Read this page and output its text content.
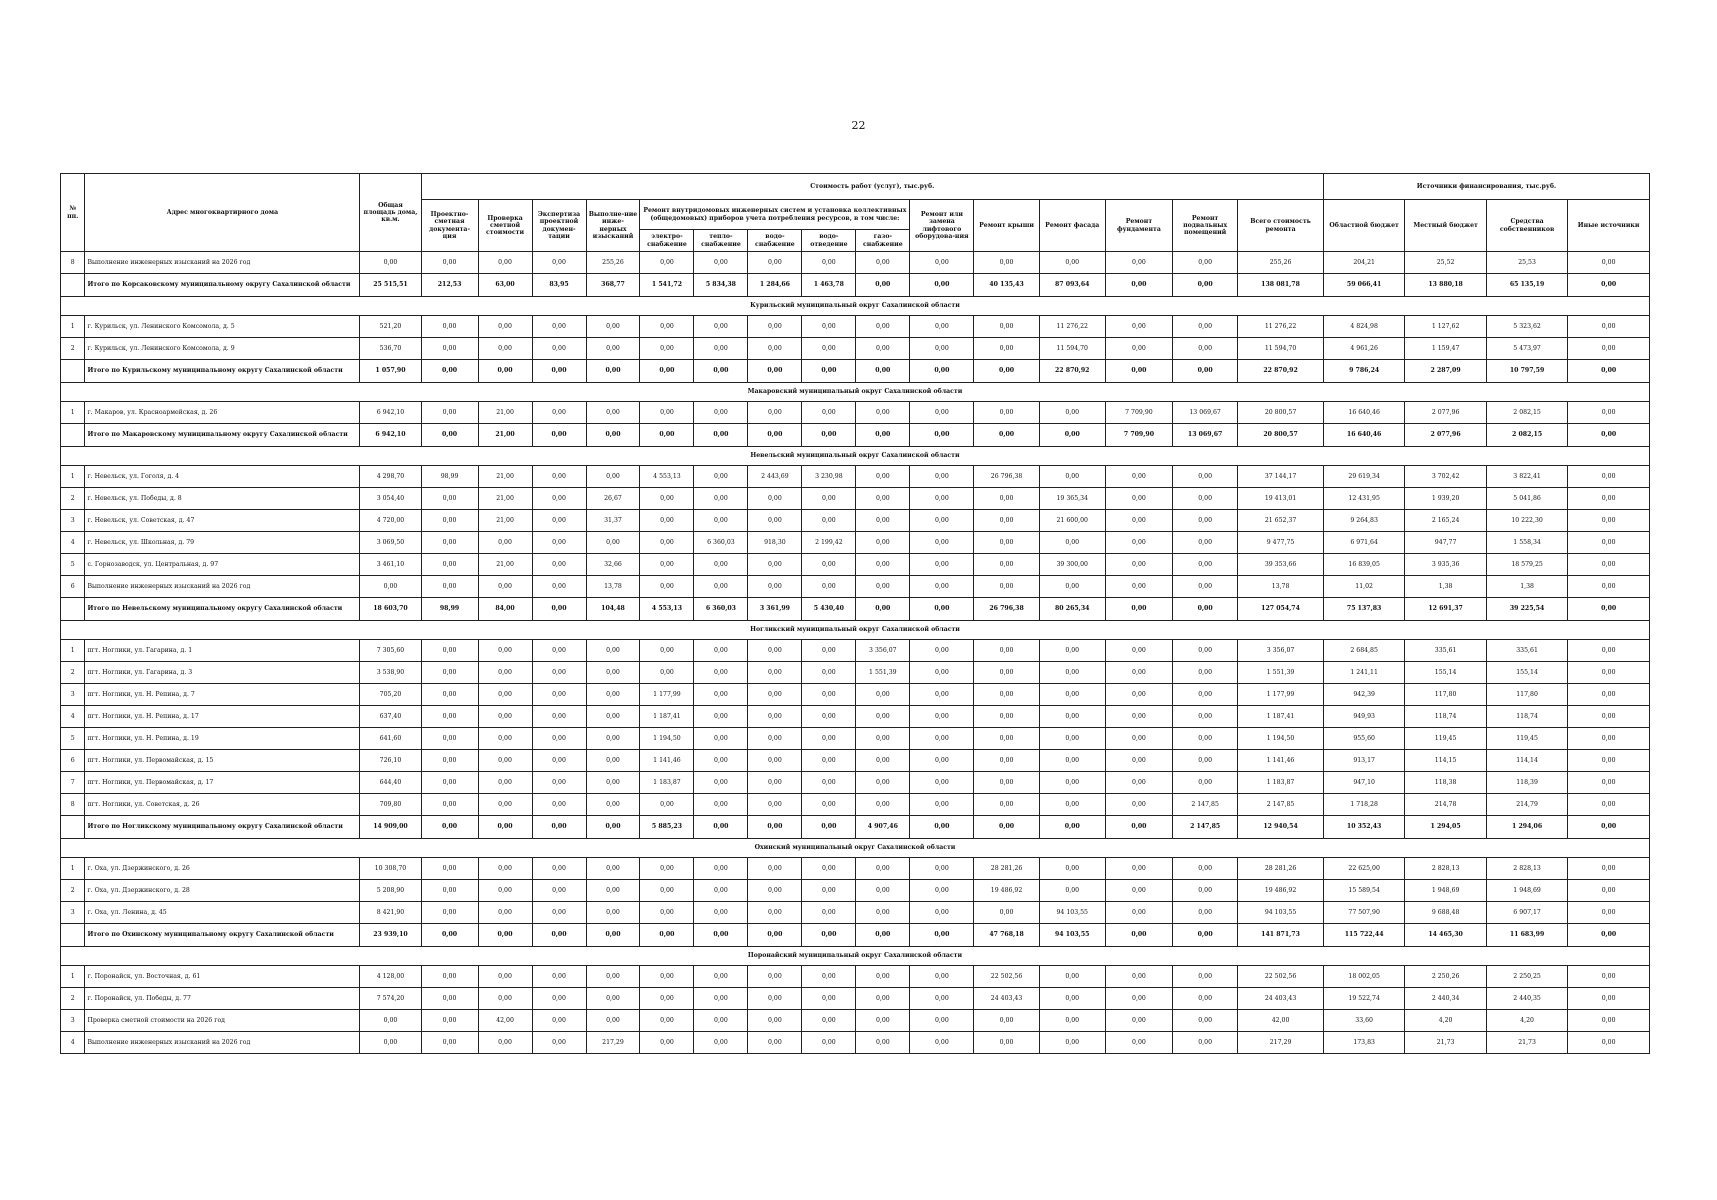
22
№ пп.	Адрес многоквартирного дома	Общая площадь дома, кв.м.	Стоимость работ (услуг), тыс.руб.															Источники финансирования, тыс.руб.			
			Проектно-сметная документа-ция	Проверка сметной стоимости	Экспертиза проектной докумен-тации	Выполне-ние инже-нерных изысканий	Ремонт внутридомовых инженерных систем и установка коллективных (общедомовых) приборов учета потребления ресурсов, в том числе:					Ремонт или замена лифтового оборудова-ния	Ремонт крыши	Ремонт фасада	Ремонт фундамента	Ремонт подвальных помещений	Всего стоимость ремонта	Областной бюджет	Местный бюджет	Средства собственников	Иные источники
							электро-снабжение	тепло-снабжение	водо-снабжение	водо-отведение	газо-снабжение										
8	Выполнение инженерных изысканий на 2026 год	0,00	0,00	0,00	0,00	255,26	0,00	0,00	0,00	0,00	0,00	0,00	0,00	0,00	0,00	0,00	255,26	204,21	25,52	25,53	0,00
	Итого по Корсаковскому муниципальному округу Сахалинской области	25 515,51	212,53	63,00	83,95	368,77	1 541,72	5 834,38	1 284,66	1 463,78	0,00	0,00	40 135,43	87 093,64	0,00	0,00	138 081,78	59 066,41	13 880,18	65 135,19	0,00
Курильский муниципальный округ Сахалинской области																					
1	г. Курильск, ул. Ленинского Комсомола, д. 5	521,20	0,00	0,00	0,00	0,00	0,00	0,00	0,00	0,00	0,00	0,00	0,00	11 276,22	0,00	0,00	11 276,22	4 824,98	1 127,62	5 323,62	0,00
2	г. Курильск, ул. Ленинского Комсомола, д. 9	536,70	0,00	0,00	0,00	0,00	0,00	0,00	0,00	0,00	0,00	0,00	0,00	11 594,70	0,00	0,00	11 594,70	4 961,26	1 159,47	5 473,97	0,00
	Итого по Курильскому муниципальному округу Сахалинской области	1 057,90	0,00	0,00	0,00	0,00	0,00	0,00	0,00	0,00	0,00	0,00	0,00	22 870,92	0,00	0,00	22 870,92	9 786,24	2 287,09	10 797,59	0,00
Макаровский муниципальный округ Сахалинской области																					
1	г. Макаров, ул. Красноармейская, д. 26	6 942,10	0,00	21,00	0,00	0,00	0,00	0,00	0,00	0,00	0,00	0,00	0,00	0,00	7 709,90	13 069,67	20 800,57	16 640,46	2 077,96	2 082,15	0,00
	Итого по Макаровскому муниципальному округу Сахалинской области	6 942,10	0,00	21,00	0,00	0,00	0,00	0,00	0,00	0,00	0,00	0,00	0,00	0,00	7 709,90	13 069,67	20 800,57	16 640,46	2 077,96	2 082,15	0,00
Невельский муниципальный округ Сахалинской области																					
1	г. Невельск, ул. Гоголя, д. 4	4 298,70	98,99	21,00	0,00	0,00	4 553,13	0,00	2 443,69	3 230,98	0,00	0,00	26 796,38	0,00	0,00	0,00	37 144,17	29 619,34	3 702,42	3 822,41	0,00
2	г. Невельск, ул. Победы, д. 8	3 054,40	0,00	21,00	0,00	26,67	0,00	0,00	0,00	0,00	0,00	0,00	0,00	19 365,34	0,00	0,00	19 413,01	12 431,95	1 939,20	5 041,86	0,00
3	г. Невельск, ул. Советская, д. 47	4 720,00	0,00	21,00	0,00	31,37	0,00	0,00	0,00	0,00	0,00	0,00	0,00	21 600,00	0,00	0,00	21 652,37	9 264,83	2 165,24	10 222,30	0,00
4	г. Невельск, ул. Школьная, д. 79	3 069,50	0,00	0,00	0,00	0,00	0,00	6 360,03	918,30	2 199,42	0,00	0,00	0,00	0,00	0,00	0,00	9 477,75	6 971,64	947,77	1 558,34	0,00
5	с. Горнозаводск, ул. Центральная, д. 97	3 461,10	0,00	21,00	0,00	32,66	0,00	0,00	0,00	0,00	0,00	0,00	0,00	39 300,00	0,00	0,00	39 353,66	16 839,05	3 935,36	18 579,25	0,00
6	Выполнение инженерных изысканий на 2026 год	0,00	0,00	0,00	0,00	13,78	0,00	0,00	0,00	0,00	0,00	0,00	0,00	0,00	0,00	0,00	13,78	11,02	1,38	1,38	0,00
	Итого по Невельскому муниципальному округу Сахалинской области	18 603,70	98,99	84,00	0,00	104,48	4 553,13	6 360,03	3 361,99	5 430,40	0,00	0,00	26 796,38	80 265,34	0,00	0,00	127 054,74	75 137,83	12 691,37	39 225,54	0,00
Ногликский муниципальный округ Сахалинской области																					
1	пгт. Ноглики, ул. Гагарина, д. 1	7 305,60	0,00	0,00	0,00	0,00	0,00	0,00	0,00	0,00	3 356,07	0,00	0,00	0,00	0,00	0,00	3 356,07	2 684,85	335,61	335,61	0,00
2	пгт. Ноглики, ул. Гагарина, д. 3	3 538,90	0,00	0,00	0,00	0,00	0,00	0,00	0,00	0,00	1 551,39	0,00	0,00	0,00	0,00	0,00	1 551,39	1 241,11	155,14	155,14	0,00
3	пгт. Ноглики, ул. Н. Репина, д. 7	705,20	0,00	0,00	0,00	0,00	1 177,99	0,00	0,00	0,00	0,00	0,00	0,00	0,00	0,00	0,00	1 177,99	942,39	117,80	117,80	0,00
4	пгт. Ноглики, ул. Н. Репина, д. 17	637,40	0,00	0,00	0,00	0,00	1 187,41	0,00	0,00	0,00	0,00	0,00	0,00	0,00	0,00	0,00	1 187,41	949,93	118,74	118,74	0,00
5	пгт. Ноглики, ул. Н. Репина, д. 19	641,60	0,00	0,00	0,00	0,00	1 194,50	0,00	0,00	0,00	0,00	0,00	0,00	0,00	0,00	0,00	1 194,50	955,60	119,45	119,45	0,00
6	пгт. Ноглики, ул. Первомайская, д. 15	726,10	0,00	0,00	0,00	0,00	1 141,46	0,00	0,00	0,00	0,00	0,00	0,00	0,00	0,00	0,00	1 141,46	913,17	114,15	114,14	0,00
7	пгт. Ноглики, ул. Первомайская, д. 17	644,40	0,00	0,00	0,00	0,00	1 183,87	0,00	0,00	0,00	0,00	0,00	0,00	0,00	0,00	0,00	1 183,87	947,10	118,38	118,39	0,00
8	пгт. Ноглики, ул. Советская, д. 26	709,80	0,00	0,00	0,00	0,00	0,00	0,00	0,00	0,00	0,00	0,00	0,00	0,00	0,00	2 147,85	2 147,85	1 718,28	214,78	214,79	0,00
	Итого по Ногликскому муниципальному округу Сахалинской области	14 909,00	0,00	0,00	0,00	0,00	5 885,23	0,00	0,00	0,00	4 907,46	0,00	0,00	0,00	0,00	2 147,85	12 940,54	10 352,43	1 294,05	1 294,06	0,00
Охинский муниципальный округ Сахалинской области																					
1	г. Оха, ул. Дзержинского, д. 26	10 308,70	0,00	0,00	0,00	0,00	0,00	0,00	0,00	0,00	0,00	0,00	28 281,26	0,00	0,00	0,00	28 281,26	22 625,00	2 828,13	2 828,13	0,00
2	г. Оха, ул. Дзержинского, д. 28	5 208,90	0,00	0,00	0,00	0,00	0,00	0,00	0,00	0,00	0,00	0,00	19 486,92	0,00	0,00	0,00	19 486,92	15 589,54	1 948,69	1 948,69	0,00
3	г. Оха, ул. Ленина, д. 45	8 421,90	0,00	0,00	0,00	0,00	0,00	0,00	0,00	0,00	0,00	0,00	0,00	94 103,55	0,00	0,00	94 103,55	77 507,90	9 688,48	6 907,17	0,00
	Итого по Охинскому муниципальному округу Сахалинской области	23 939,10	0,00	0,00	0,00	0,00	0,00	0,00	0,00	0,00	0,00	0,00	47 768,18	94 103,55	0,00	0,00	141 871,73	115 722,44	14 465,30	11 683,99	0,00
Поронайский муниципальный округ Сахалинской области																					
1	г. Поронайск, ул. Восточная, д. 61	4 128,00	0,00	0,00	0,00	0,00	0,00	0,00	0,00	0,00	0,00	0,00	22 502,56	0,00	0,00	0,00	22 502,56	18 002,05	2 250,26	2 250,25	0,00
2	г. Поронайск, ул. Победы, д. 77	7 574,20	0,00	0,00	0,00	0,00	0,00	0,00	0,00	0,00	0,00	0,00	24 403,43	0,00	0,00	0,00	24 403,43	19 522,74	2 440,34	2 440,35	0,00
3	Проверка сметной стоимости на 2026 год	0,00	0,00	42,00	0,00	0,00	0,00	0,00	0,00	0,00	0,00	0,00	0,00	0,00	0,00	0,00	42,00	33,60	4,20	4,20	0,00
4	Выполнение инженерных изысканий на 2026 год	0,00	0,00	0,00	0,00	217,29	0,00	0,00	0,00	0,00	0,00	0,00	0,00	0,00	0,00	0,00	217,29	173,83	21,73	21,73	0,00
